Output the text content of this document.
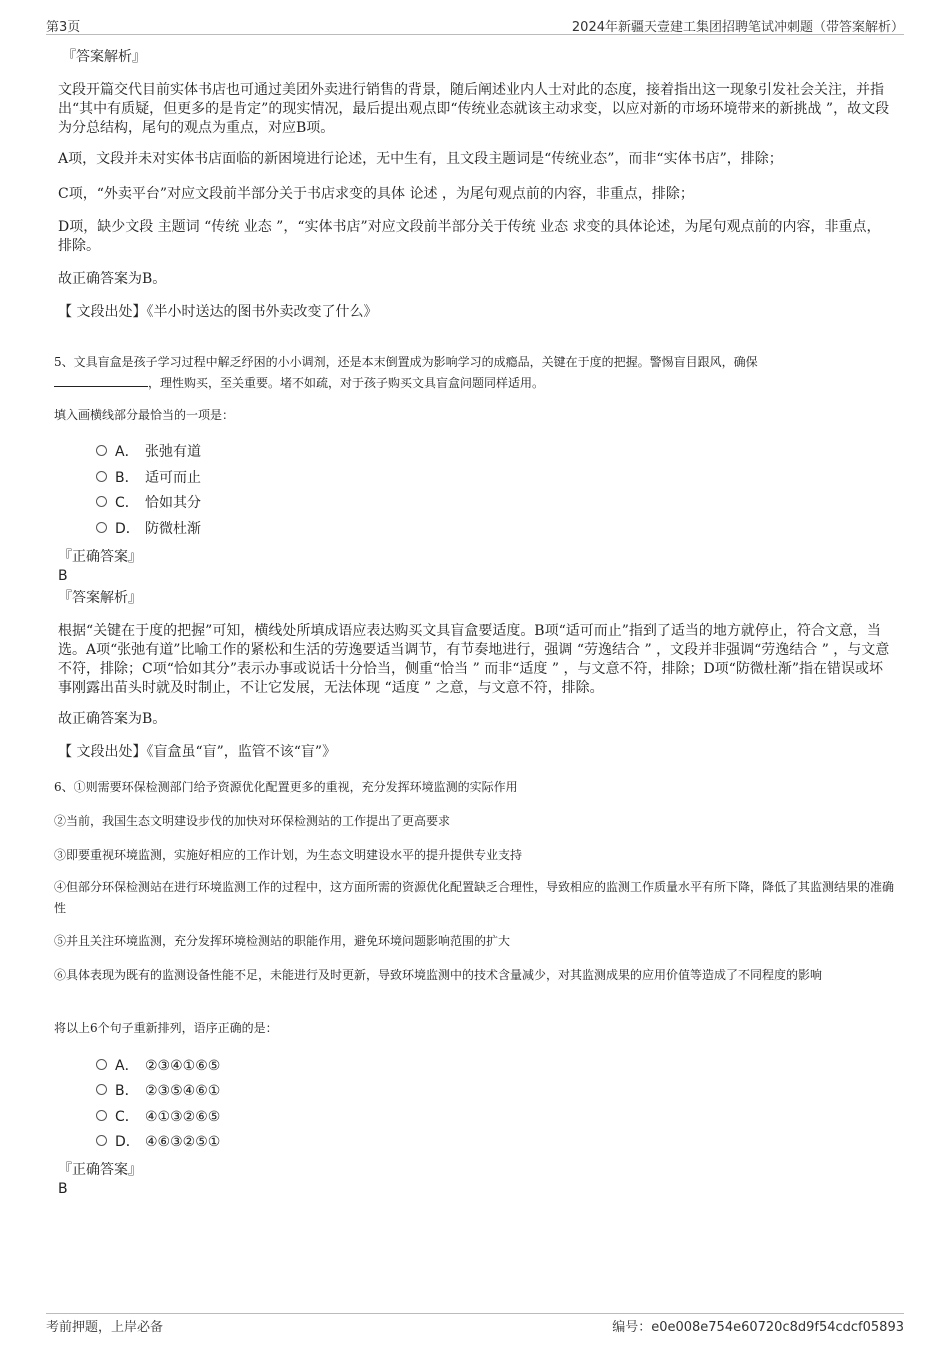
第3页	2024年新疆天壹建工集团招聘笔试冲刺题（带答案解析）
『答案解析』
文段开篇交代目前实体书店也可通过美团外卖进行销售的背景，随后阐述业内人士对此的态度，接着指出这一现象引发社会关注，并指出“其中有质疑，但更多的是肯定”的现实情况，最后提出观点即“传统业态就该主动求变，以应对新的市场环境带来的新挑战 ”，故文段为分总结构，尾句的观点为重点，对应B项。
A项，文段并未对实体书店面临的新困境进行论述，无中生有，且文段主题词是“传统业态”，而非“实体书店”，排除；
C项，“外卖平台”对应文段前半部分关于书店求变的具体 论述 ，为尾句观点前的内容，非重点，排除；
D项，缺少文段 主题词 “传统 业态 ”，“实体书店”对应文段前半部分关于传统 业态 求变的具体论述，为尾句观点前的内容，非重点，排除。
故正确答案为B。
【 文段出处】《半小时送达的图书外卖改变了什么》
5、文具盲盒是孩子学习过程中解乏纾困的小小调剂，还是本末倒置成为影响学习的成瘾品，关键在于度的把握。警惕盲目跟风，确保
，理性购买，至关重要。堵不如疏，对于孩子购买文具盲盒问题同样适用。
填入画横线部分最恰当的一项是：
A． 张弛有道
B． 适可而止
C． 恰如其分
D． 防微杜渐
『正确答案』
B
『答案解析』
根据“关键在于度的把握”可知，横线处所填成语应表达购买文具盲盒要适度。B项“适可而止”指到了适当的地方就停止，符合文意，当选。A项“张弛有道”比喻工作的紧松和生活的劳逸要适当调节，有节奏地进行，强调 “劳逸结合 ” ，文段并非强调“劳逸结合 ” ，与文意不符，排除；C项“恰如其分”表示办事或说话十分恰当，侧重“恰当 ” 而非“适度 ” ，与文意不符，排除；D项“防微杜渐”指在错误或坏事刚露出苗头时就及时制止，不让它发展，无法体现 “适度 ” 之意，与文意不符，排除。
故正确答案为B。
【 文段出处】《盲盒虽“盲”，监管不该“盲”》
6、①则需要环保检测部门给予资源优化配置更多的重视，充分发挥环境监测的实际作用
②当前，我国生态文明建设步伐的加快对环保检测站的工作提出了更高要求
③即要重视环境监测，实施好相应的工作计划，为生态文明建设水平的提升提供专业支持
④但部分环保检测站在进行环境监测工作的过程中，这方面所需的资源优化配置缺乏合理性，导致相应的监测工作质量水平有所下降，降低了其监测结果的准确性
⑤并且关注环境监测，充分发挥环境检测站的职能作用，避免环境问题影响范围的扩大
⑥具体表现为既有的监测设备性能不足，未能进行及时更新，导致环境监测中的技术含量减少，对其监测成果的应用价值等造成了不同程度的影响
将以上6个句子重新排列，语序正确的是：
A． ②③④①⑥⑤
B． ②③⑤④⑥①
C． ④①③②⑥⑤
D． ④⑥③②⑤①
『正确答案』
B
考前押题，上岸必备	编号：e0e008e754e60720c8d9f54cdcf05893
